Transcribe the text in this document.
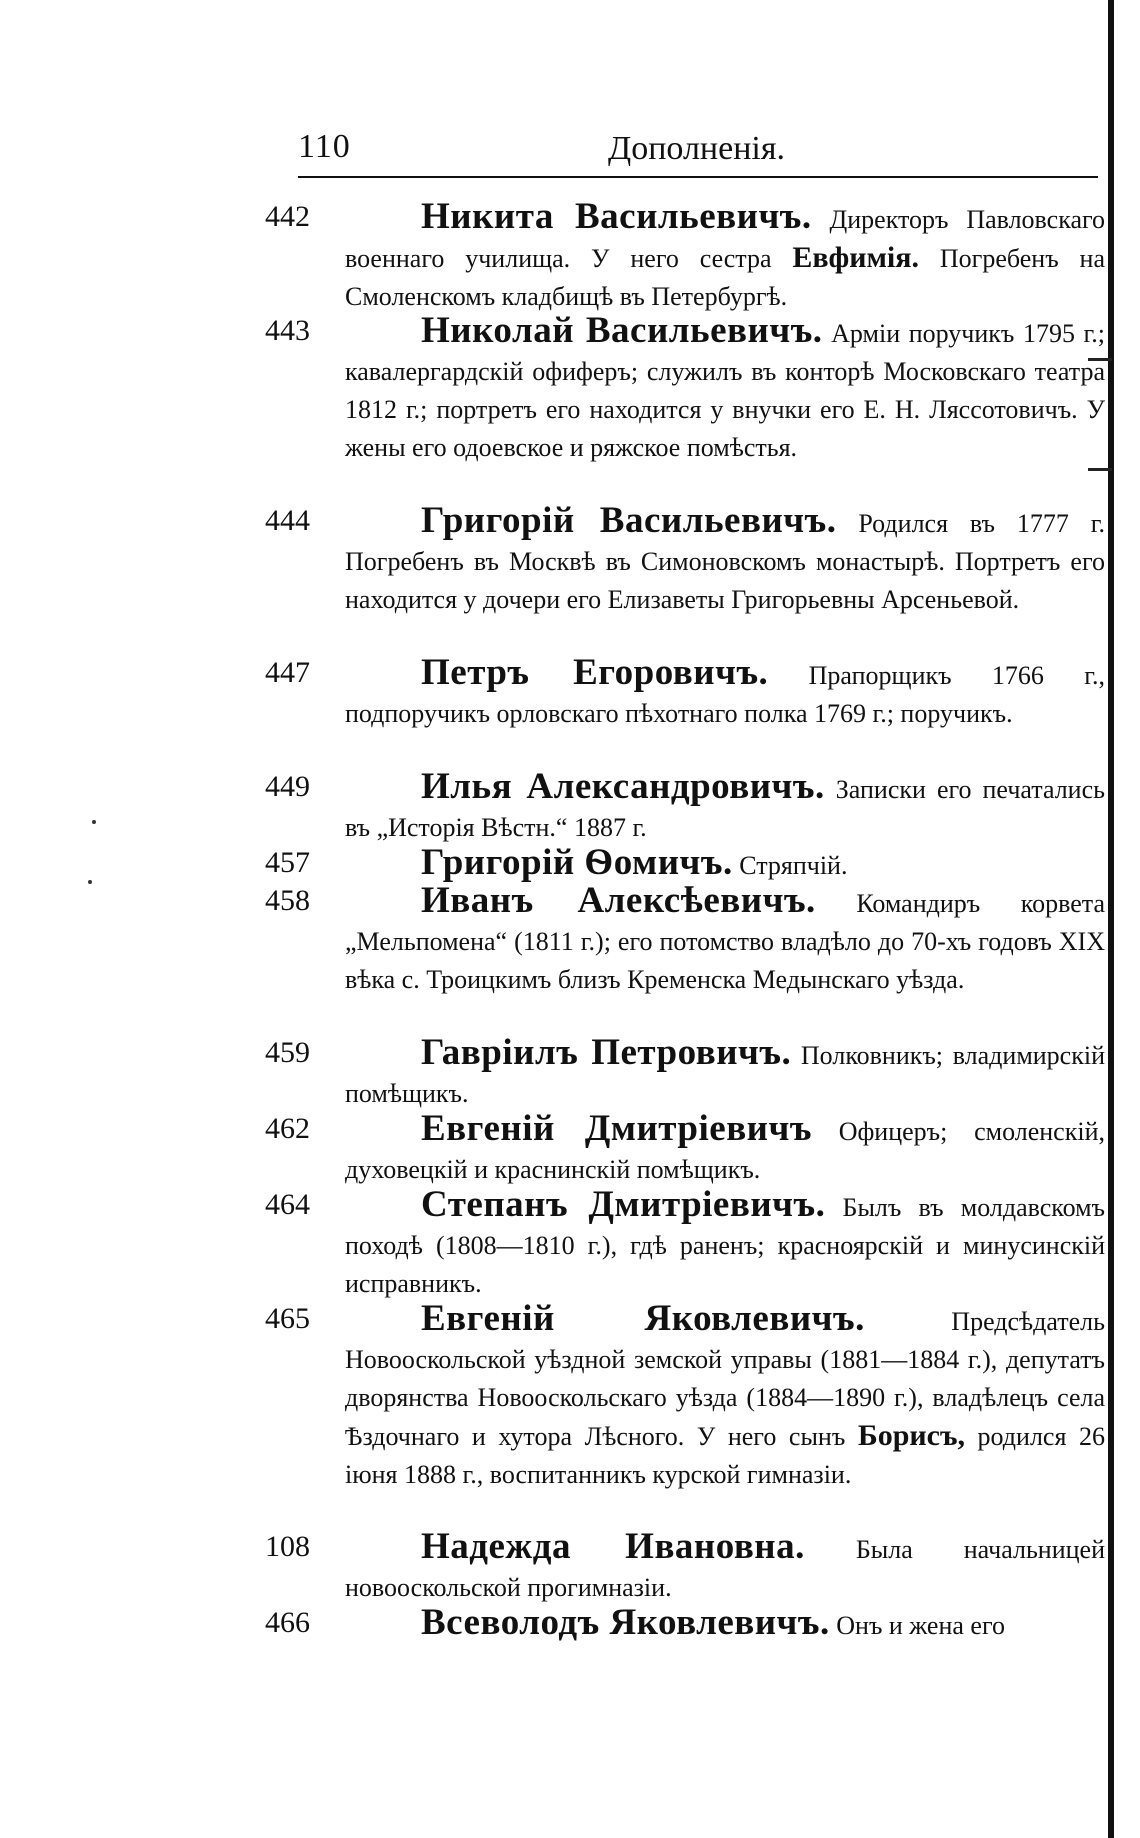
110	Дополненія.
442	Никита Васильевичъ. Директоръ Павловскаго военнаго училища. У него сестра Евфимія. Погребенъ на Смоленскомъ кладбищѣ въ Петербургѣ.
443	Николай Васильевичъ. Арміи поручикъ 1795 г.; кавалергардскій офиферъ; служилъ въ конторѣ Московскаго театра 1812 г.; портретъ его находится у внучки его Е. Н. Ляссотовичъ. У жены его одоевское и ряжское помѣстья.
444	Григорій Васильевичъ. Родился въ 1777 г. Погребенъ въ Москвѣ въ Симоновскомъ монастырѣ. Портретъ его находится у дочери его Елизаветы Григорьевны Арсеньевой.
447	Петръ Егоровичъ. Прапорщикъ 1766 г., подпоручикъ орловскаго пѣхотнаго полка 1769 г.; поручикъ.
449	Илья Александровичъ. Записки его печатались въ „Исторія Вѣстн.“ 1887 г.
457	Григорій Ѳомичъ. Стряпчій.
458	Иванъ Алексѣевичъ. Командиръ корвета „Мельпомена“ (1811 г.); его потомство владѣло до 70-хъ годовъ XIX вѣка с. Троицкимъ близъ Кременска Медынскаго уѣзда.
459	Гавріилъ Петровичъ. Полковникъ; владимирскій помѣщикъ.
462	Евгеній Дмитріевичъ Офицеръ; смоленскій, духовецкій и краснинскій помѣщикъ.
464	Степанъ Дмитріевичъ. Былъ въ молдавскомъ походѣ (1808—1810 г.), гдѣ раненъ; красноярскій и минусинскій исправникъ.
465	Евгеній Яковлевичъ.	Предсѣдатель Новооскольской уѣздной земской управы (1881—1884 г.), депутатъ дворянства Новооскольскаго уѣзда (1884—1890 г.), владѣлецъ села Ѣздочнаго и хутора Лѣсного. У него сынъ Борисъ, родился 26 іюня 1888 г., воспитанникъ курской гимназіи.
108	Надежда Ивановна. Была начальницей новооскольской прогимназіи.
466	Всеволодъ Яковлевичъ. Онъ и жена его
